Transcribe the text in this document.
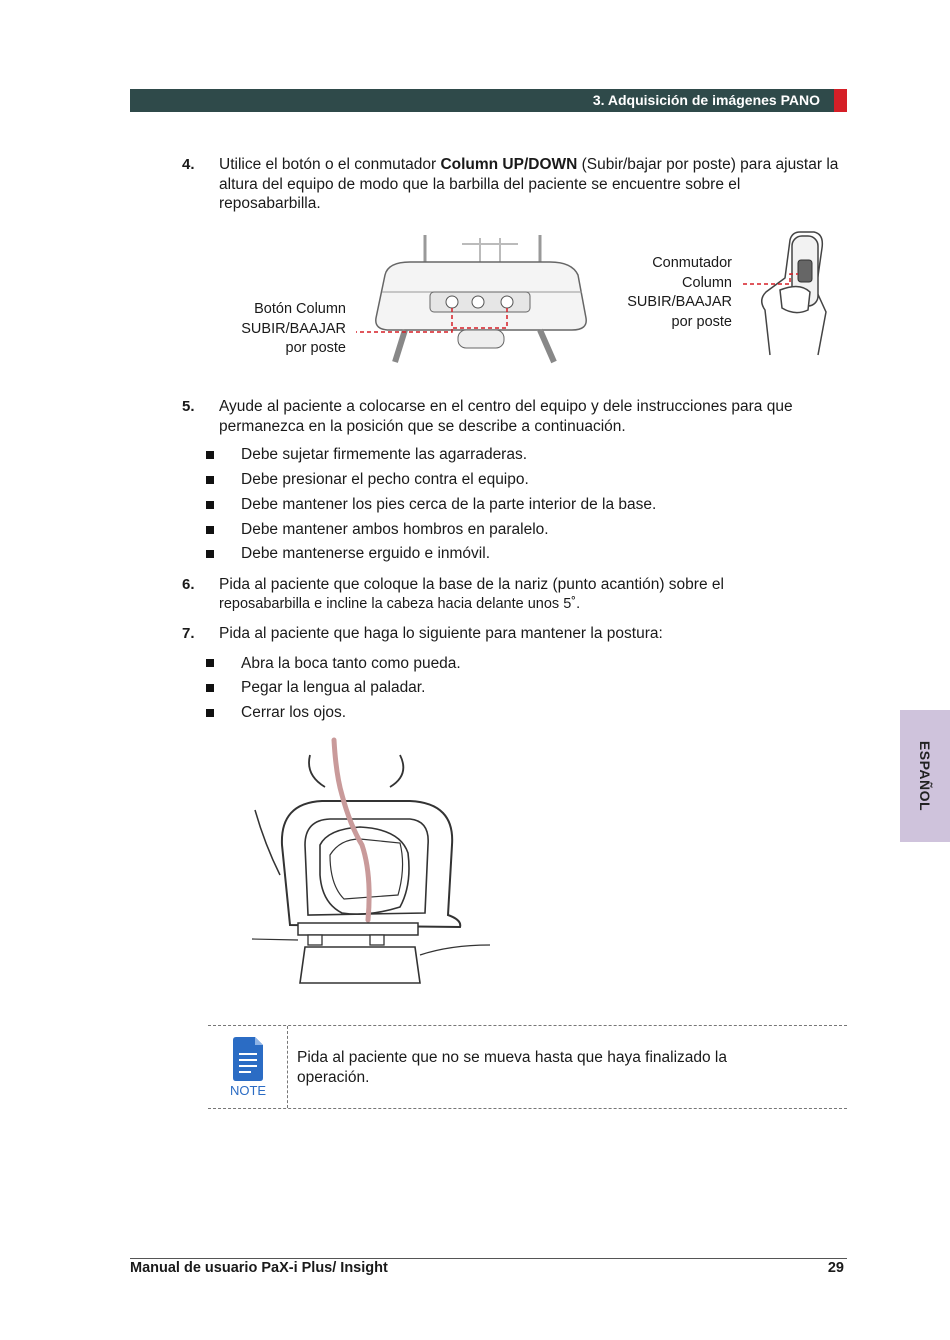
3. Adquisición de imágenes PANO
4. Utilice el botón o el conmutador Column UP/DOWN (Subir/bajar por poste) para ajustar la altura del equipo de modo que la barbilla del paciente se encuentre sobre el reposabarbilla.
Botón Column
SUBIR/BAAJAR
por poste
Conmutador
Column
SUBIR/BAAJAR
por poste
5. Ayude al paciente a colocarse en el centro del equipo y dele instrucciones para que permanezca en la posición que se describe a continuación.
Debe sujetar firmemente las agarraderas.
Debe presionar el pecho contra el equipo.
Debe mantener los pies cerca de la parte interior de la base.
Debe mantener ambos hombros en paralelo.
Debe mantenerse erguido e inmóvil.
6. Pida al paciente que coloque la base de la nariz (punto acantión) sobre el
reposabarbilla e incline la cabeza hacia delante unos 5˚.
7. Pida al paciente que haga lo siguiente para mantener la postura:
Abra la boca tanto como pueda.
Pegar la lengua al paladar.
Cerrar los ojos.
ESPAÑOL
NOTE
Pida al paciente que no se mueva hasta que haya finalizado la operación.
Manual de usuario PaX-i Plus/ Insight	29
